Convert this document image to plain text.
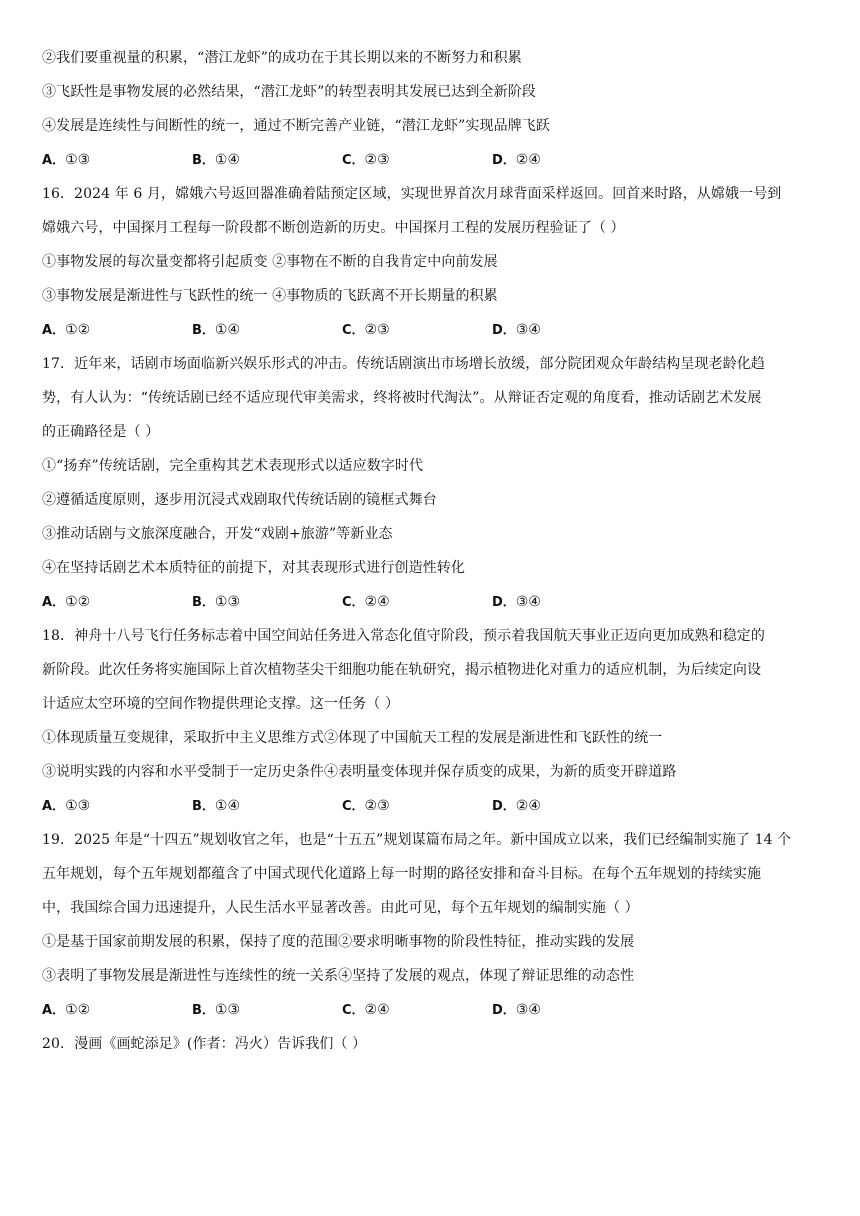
②我们要重视量的积累，“潜江龙虾”的成功在于其长期以来的不断努力和积累
③飞跃性是事物发展的必然结果，“潜江龙虾”的转型表明其发展已达到全新阶段
④发展是连续性与间断性的统一，通过不断完善产业链，“潜江龙虾”实现品牌飞跃
A．①③	B．①④	C．②③	D．②④
16．2024 年 6 月，嫦娥六号返回器准确着陆预定区域，实现世界首次月球背面采样返回。回首来时路，从嫦娥一号到
嫦娥六号，中国探月工程每一阶段都不断创造新的历史。中国探月工程的发展历程验证了（ ）
①事物发展的每次量变都将引起质变 ②事物在不断的自我肯定中向前发展
③事物发展是渐进性与飞跃性的统一 ④事物质的飞跃离不开长期量的积累
A．①②	B．①④	C．②③	D．③④
17．近年来，话剧市场面临新兴娱乐形式的冲击。传统话剧演出市场增长放缓，部分院团观众年龄结构呈现老龄化趋
势，有人认为：“传统话剧已经不适应现代审美需求，终将被时代淘汰”。从辩证否定观的角度看，推动话剧艺术发展
的正确路径是（ ）
①“扬弃”传统话剧，完全重构其艺术表现形式以适应数字时代
②遵循适度原则，逐步用沉浸式戏剧取代传统话剧的镜框式舞台
③推动话剧与文旅深度融合，开发“戏剧+旅游”等新业态
④在坚持话剧艺术本质特征的前提下，对其表现形式进行创造性转化
A．①②	B．①③	C．②④	D．③④
18．神舟十八号飞行任务标志着中国空间站任务进入常态化值守阶段，预示着我国航天事业正迈向更加成熟和稳定的
新阶段。此次任务将实施国际上首次植物茎尖干细胞功能在轨研究，揭示植物进化对重力的适应机制，为后续定向设
计适应太空环境的空间作物提供理论支撑。这一任务（ ）
①体现质量互变规律，采取折中主义思维方式②体现了中国航天工程的发展是渐进性和飞跃性的统一
③说明实践的内容和水平受制于一定历史条件④表明量变体现并保存质变的成果，为新的质变开辟道路
A．①③	B．①④	C．②③	D．②④
19．2025 年是“十四五”规划收官之年，也是“十五五”规划谋篇布局之年。新中国成立以来，我们已经编制实施了 14 个
五年规划，每个五年规划都蕴含了中国式现代化道路上每一时期的路径安排和奋斗目标。在每个五年规划的持续实施
中，我国综合国力迅速提升，人民生活水平显著改善。由此可见，每个五年规划的编制实施（ ）
①是基于国家前期发展的积累，保持了度的范围②要求明晰事物的阶段性特征，推动实践的发展
③表明了事物发展是渐进性与连续性的统一关系④坚持了发展的观点，体现了辩证思维的动态性
A．①②	B．①③	C．②④	D．③④
20．漫画《画蛇添足》(作者：冯火）告诉我们（ ）
